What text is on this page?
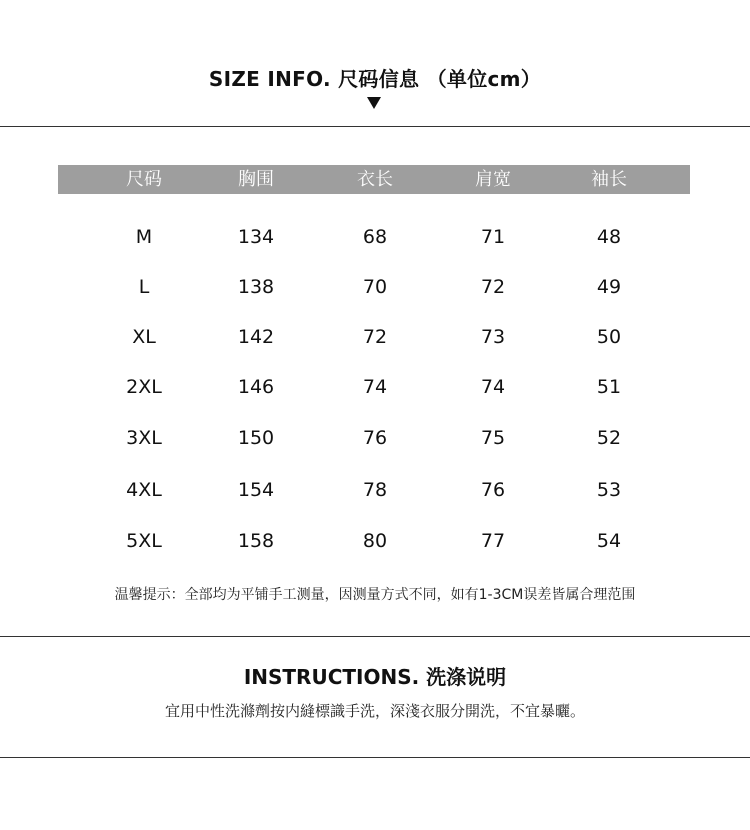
SIZE INFO. 尺码信息 （单位cm）
尺码	胸围	衣长	肩宽	袖长
M	134	68	71	48
L	138	70	72	49
XL	142	72	73	50
2XL	146	74	74	51
3XL	150	76	75	52
4XL	154	78	76	53
5XL	158	80	77	54
温馨提示：全部均为平铺手工测量，因测量方式不同，如有1-3CM误差皆属合理范围
INSTRUCTIONS. 洗涤说明
宜用中性洗滌劑按内縫標識手洗，深淺衣服分開洗，不宜暴曬。
